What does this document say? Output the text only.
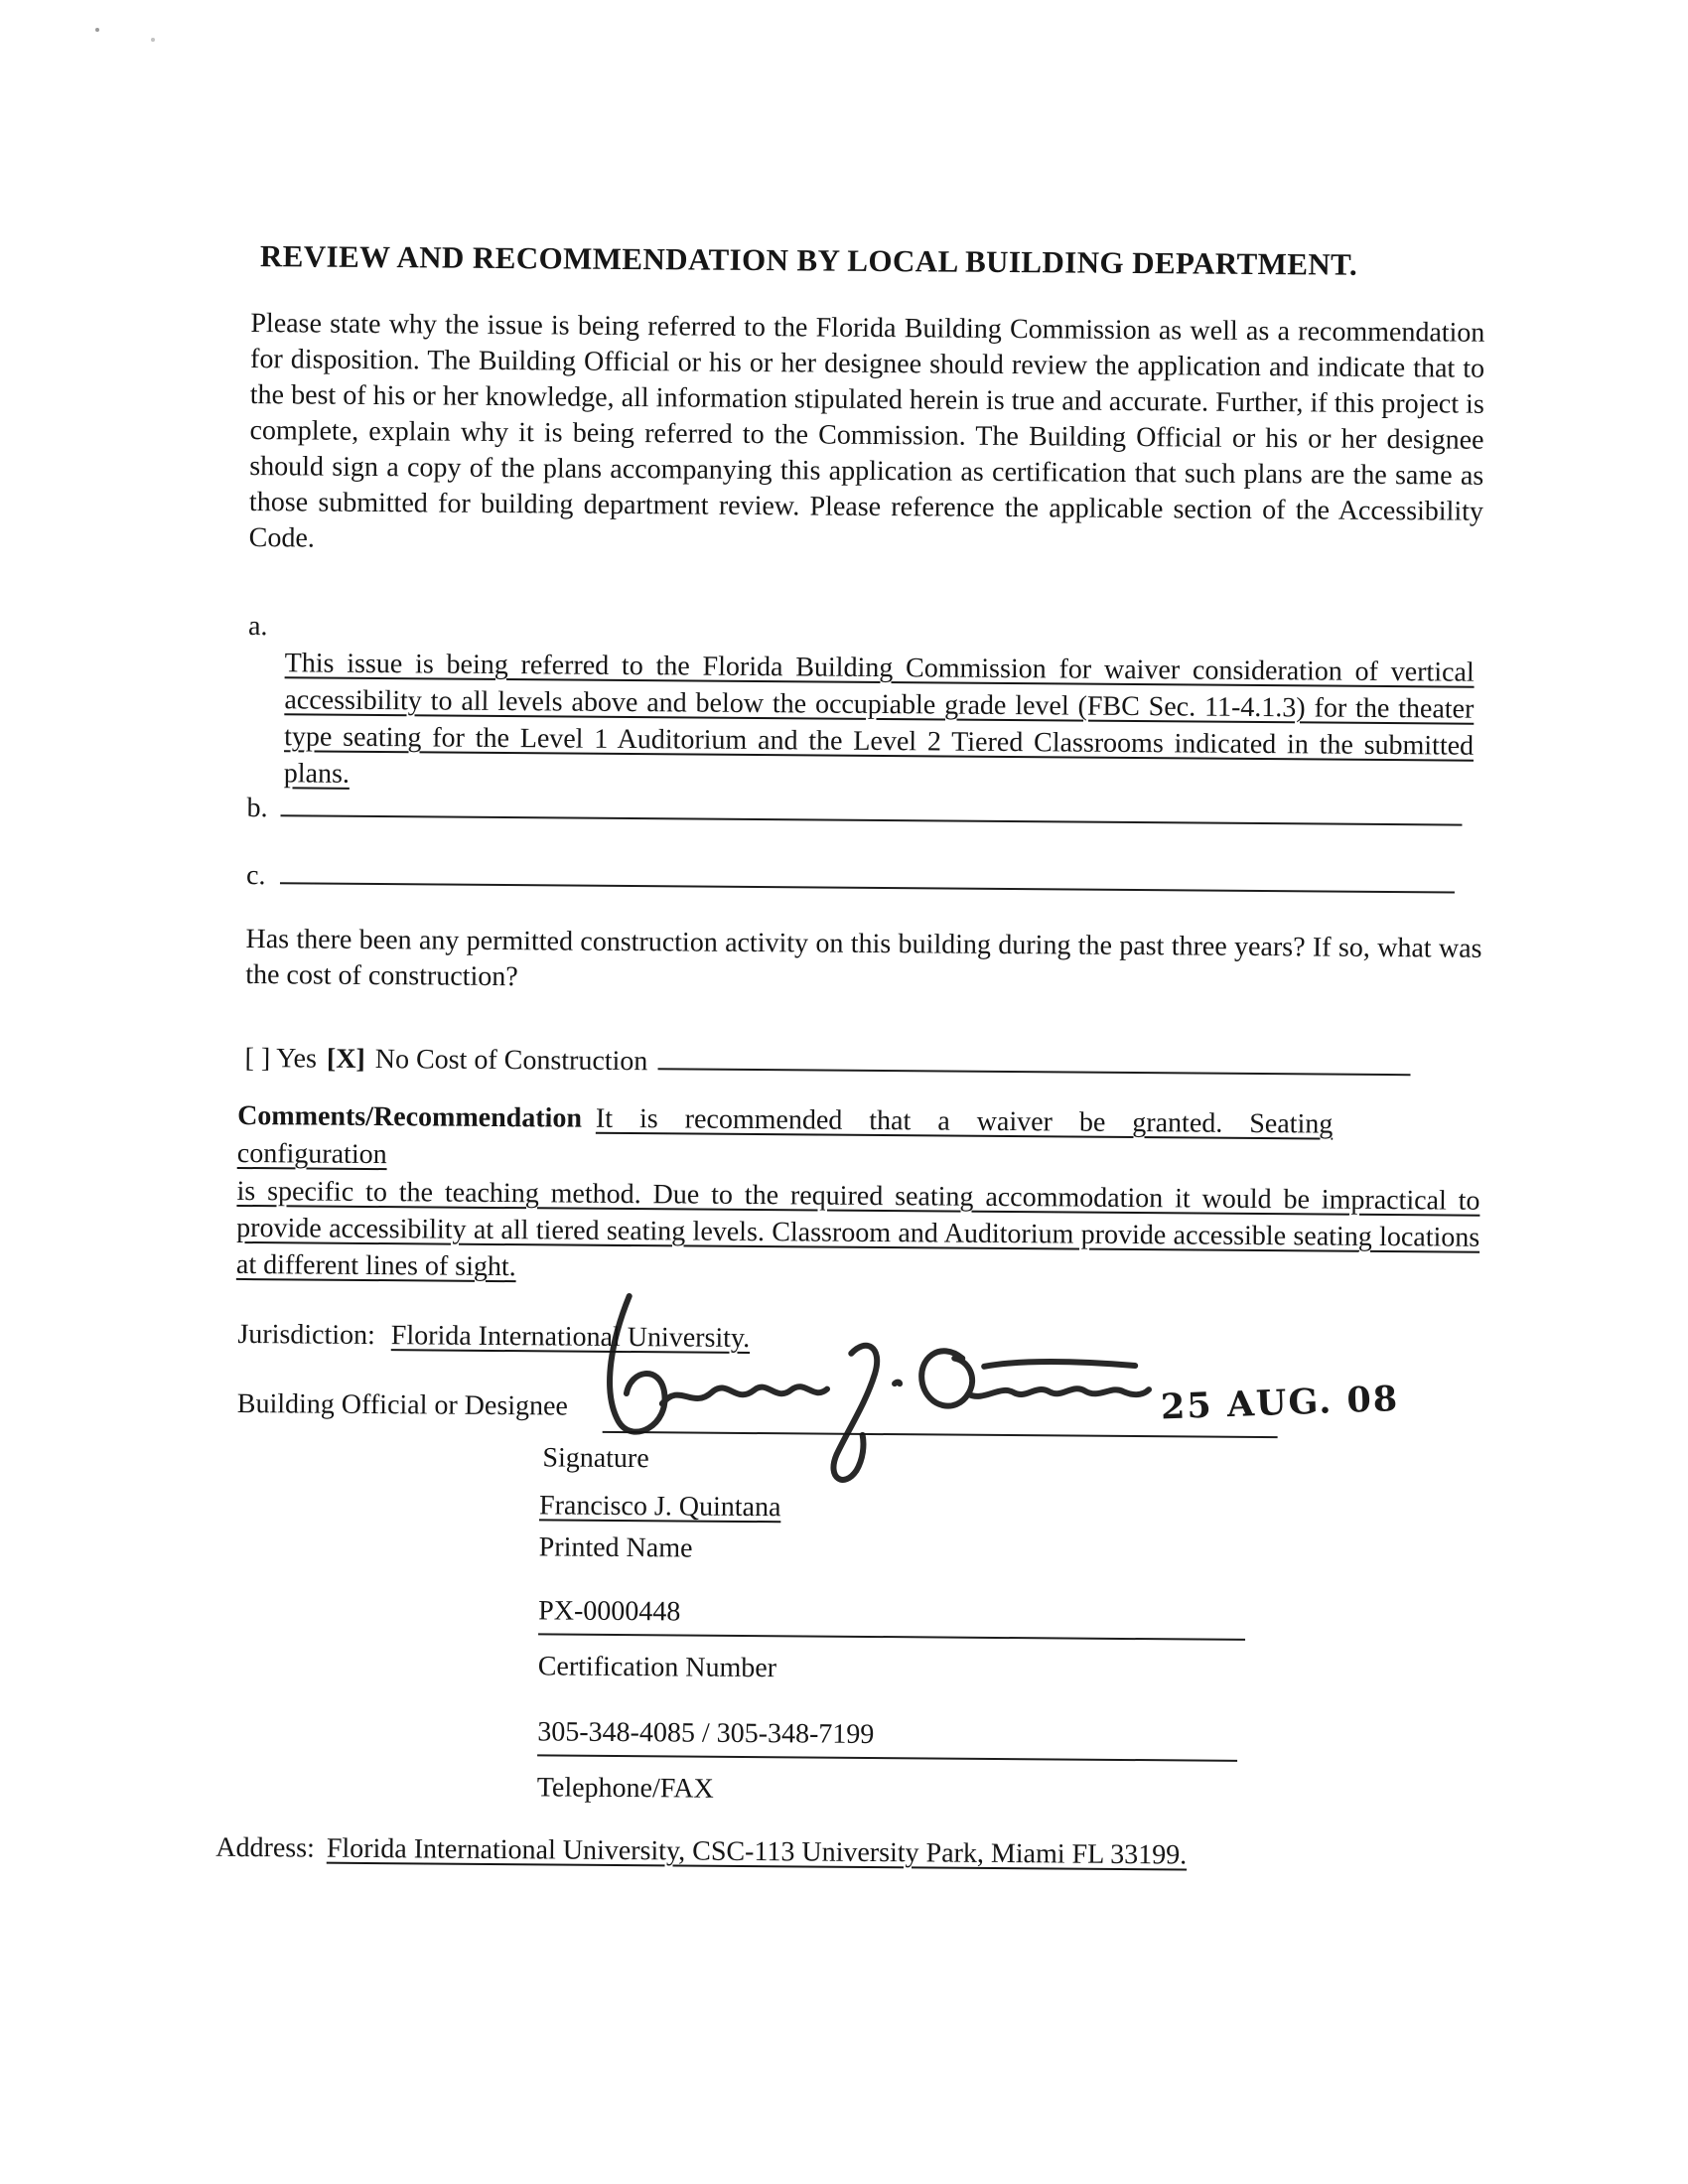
REVIEW AND RECOMMENDATION BY LOCAL BUILDING DEPARTMENT.

Please state why the issue is being referred to the Florida Building Commission as well as a recommendation for disposition. The Building Official or his or her designee should review the application and indicate that to the best of his or her knowledge, all information stipulated herein is true and accurate. Further, if this project is complete, explain why it is being referred to the Commission. The Building Official or his or her designee should sign a copy of the plans accompanying this application as certification that such plans are the same as those submitted for building department review. Please reference the applicable section of the Accessibility Code.

a.
This issue is being referred to the Florida Building Commission for waiver consideration of vertical accessibility to all levels above and below the occupiable grade level (FBC Sec. 11-4.1.3) for the theater type seating for the Level 1 Auditorium and the Level 2 Tiered Classrooms indicated in the submitted plans.
b.
c.

Has there been any permitted construction activity on this building during the past three years? If so, what was the cost of construction?

[ ] Yes [X] No Cost of Construction
Comments/Recommendation It is recommended that a waiver be granted. Seating
configuration
is specific to the teaching method. Due to the required seating accommodation it would be impractical to provide accessibility at all tiered seating levels. Classroom and Auditorium provide accessible seating locations at different lines of sight.
Jurisdiction: Florida International University.
Building Official or Designee	25 AUG. 08
Signature
Francisco J. Quintana
Printed Name
PX-0000448
Certification Number
305-348-4085 / 305-348-7199
Telephone/FAX
Address: Florida International University, CSC-113 University Park, Miami FL 33199.
